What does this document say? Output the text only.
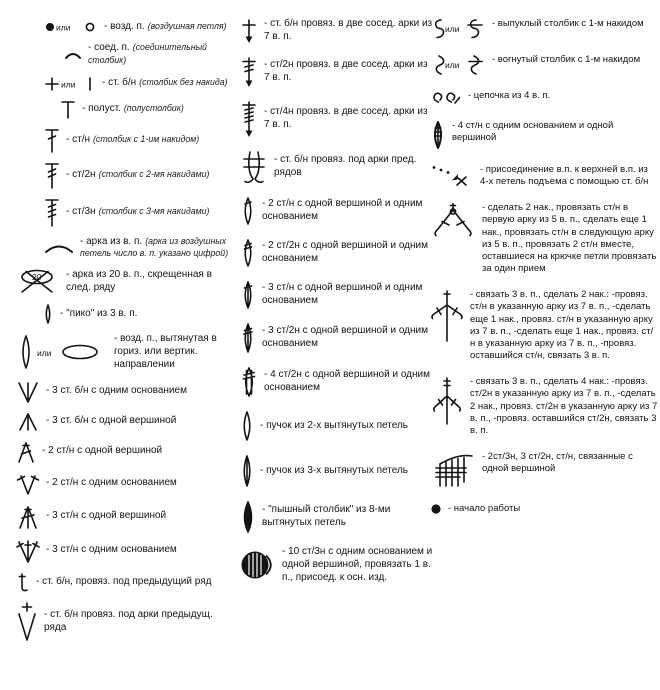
или	- возд. п. (воздушная петля)
- соед. п. (соединительный столбик)
или	- ст. б/н (столбик без накида)
- полуст. (полустолбик)
- ст/н (столбик с 1-им накидом)
- ст/2н (столбик с 2-мя накидами)
- ст/3н (столбик с 3-мя накидами)
- арка из в. п. (арка из воздушных петель число в. п. указано цифрой)
20 - арка из 20 в. п., скрещенная в след. ряду
- "пико" из 3 в. п.
или
- возд. п., вытянутая в гориз. или вертик. направлении
- 3 ст. б/н с одним основанием
- 3 ст. б/н с одной вершиной
- 2 ст/н с одной вершиной
- 2 ст/н с одним основанием
- 3 ст/н с одной вершиной
- 3 ст/н с одним основанием
- ст. б/н, провяз. под предыдущий ряд
- ст. б/н провяз. под арки предыдущ. ряда
- ст. б/н провяз. в две сосед. арки из 7 в. п.
- ст/2н провяз. в две сосед. арки из 7 в. п.
- ст/4н провяз. в две сосед. арки из 7 в. п.
- ст. б/н провяз. под арки пред. рядов
- 2 ст/н с одной вершиной и одним основанием
- 2 ст/2н с одной вершиной и одним основанием
- 3 ст/н с одной вершиной и одним основанием
- 3 ст/2н с одной вершиной и одним основанием
- 4 ст/2н с одной вершиной и одним основанием
- пучок из 2-х вытянутых петель
- пучок из 3-х вытянутых петель
- "пышный столбик" из 8-ми вытянутых петель
- 10 ст/3н с одним основанием и одной вершиной, провязать 1 в. п., присоед. к осн. изд.
или	- выпуклый столбик с 1-м накидом
или	- вогнутый столбик с 1-м накидом
- цепочка из 4 в. п.
- 4 ст/н с одним основанием и одной вершиной
- присоединение в.п. к верхней в.п. из 4-х петель подъема с помощью ст. б/н
- сделать 2 нак., провязать ст/н в первую арку из 5 в. п., сделать еще 1 нак., провязать ст/н в следующую арку из 5 в. п., провязать 2 ст/н вместе, оставшиеся на крючке петли провязать за один прием
- связать 3 в. п., сделать 2 нак.: -провяз. ст/н в указанную арку из 7 в. п., -сделать еще 1 нак., провяз. ст/н в указанную арку из 7 в. п., -сделать еще 1 нак., провяз. ст/н в указанную арку из 7 в. п., -провяз. оставшийся ст/н, связать 3 в. п.
- связать 3 в. п., сделать 4 нак.: -провяз. ст/2н в указанную арку из 7 в. п., -сделать 2 нак., провяз. ст/2н в указанную арку из 7 в. п., -провяз. оставшийся ст/2н, связать 3 в. п.
- 2ст/3н, 3 ст/2н, ст/н, связанные с одной вершиной
- начало работы
